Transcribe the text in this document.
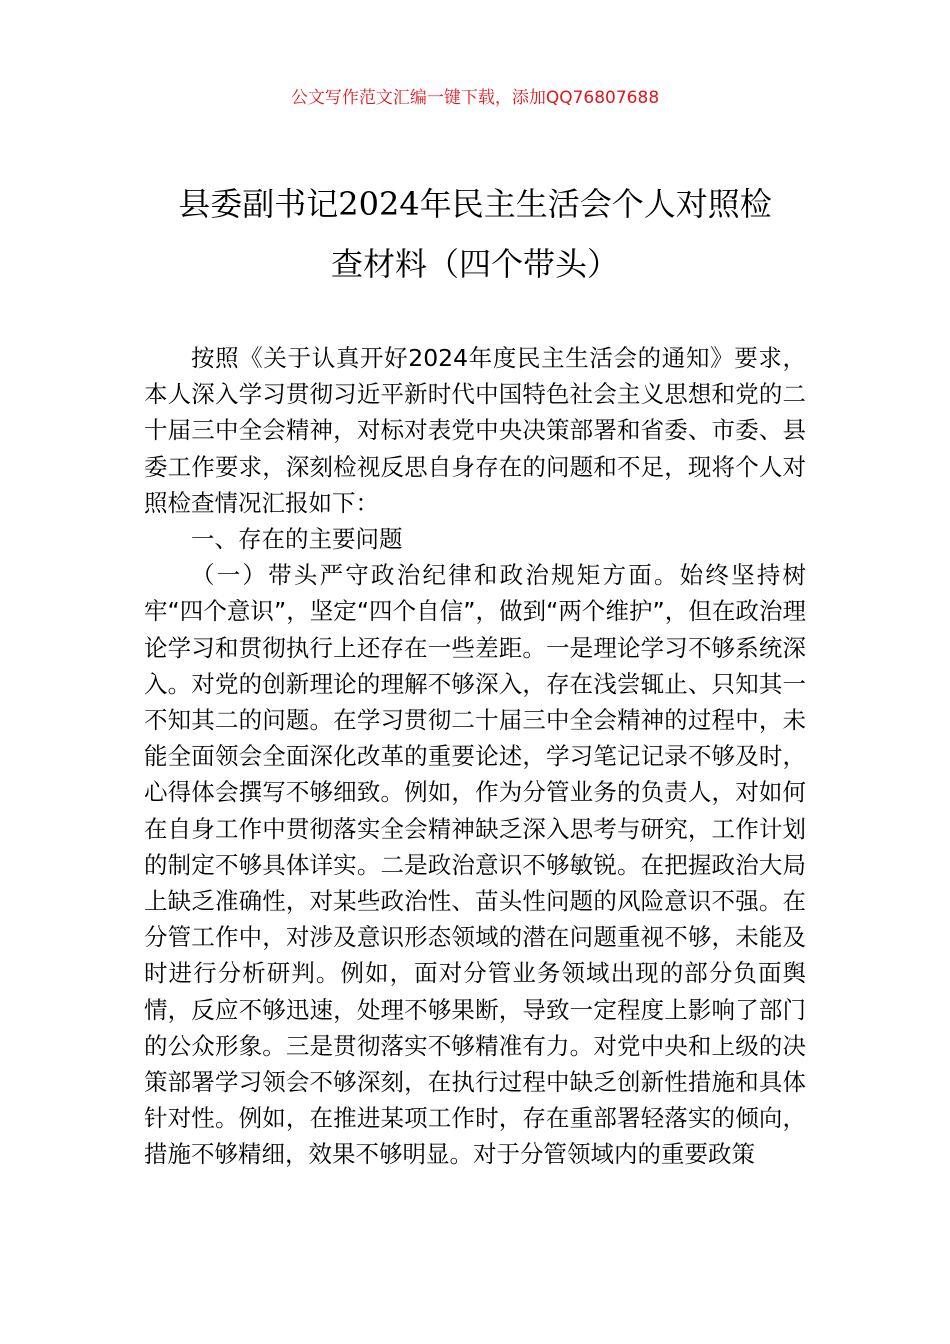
公文写作范文汇编一键下载，添加QQ76807688
县委副书记2024年民主生活会个人对照检
查材料（四个带头）

按照《关于认真开好2024年度民主生活会的通知》要求，本人深入学习贯彻习近平新时代中国特色社会主义思想和党的二十届三中全会精神，对标对表党中央决策部署和省委、市委、县委工作要求，深刻检视反思自身存在的问题和不足，现将个人对照检查情况汇报如下：

一、存在的主要问题

（一）带头严守政治纪律和政治规矩方面。始终坚持树牢“四个意识”，坚定“四个自信”，做到“两个维护”，但在政治理论学习和贯彻执行上还存在一些差距。一是理论学习不够系统深入。对党的创新理论的理解不够深入，存在浅尝辄止、只知其一不知其二的问题。在学习贯彻二十届三中全会精神的过程中，未能全面领会全面深化改革的重要论述，学习笔记记录不够及时，心得体会撰写不够细致。例如，作为分管业务的负责人，对如何在自身工作中贯彻落实全会精神缺乏深入思考与研究，工作计划的制定不够具体详实。二是政治意识不够敏锐。在把握政治大局上缺乏准确性，对某些政治性、苗头性问题的风险意识不强。在分管工作中，对涉及意识形态领域的潜在问题重视不够，未能及时进行分析研判。例如，面对分管业务领域出现的部分负面舆情，反应不够迅速，处理不够果断，导致一定程度上影响了部门的公众形象。三是贯彻落实不够精准有力。对党中央和上级的决策部署学习领会不够深刻，在执行过程中缺乏创新性措施和具体针对性。例如，在推进某项工作时，存在重部署轻落实的倾向，措施不够精细，效果不够明显。对于分管领域内的重要政策
